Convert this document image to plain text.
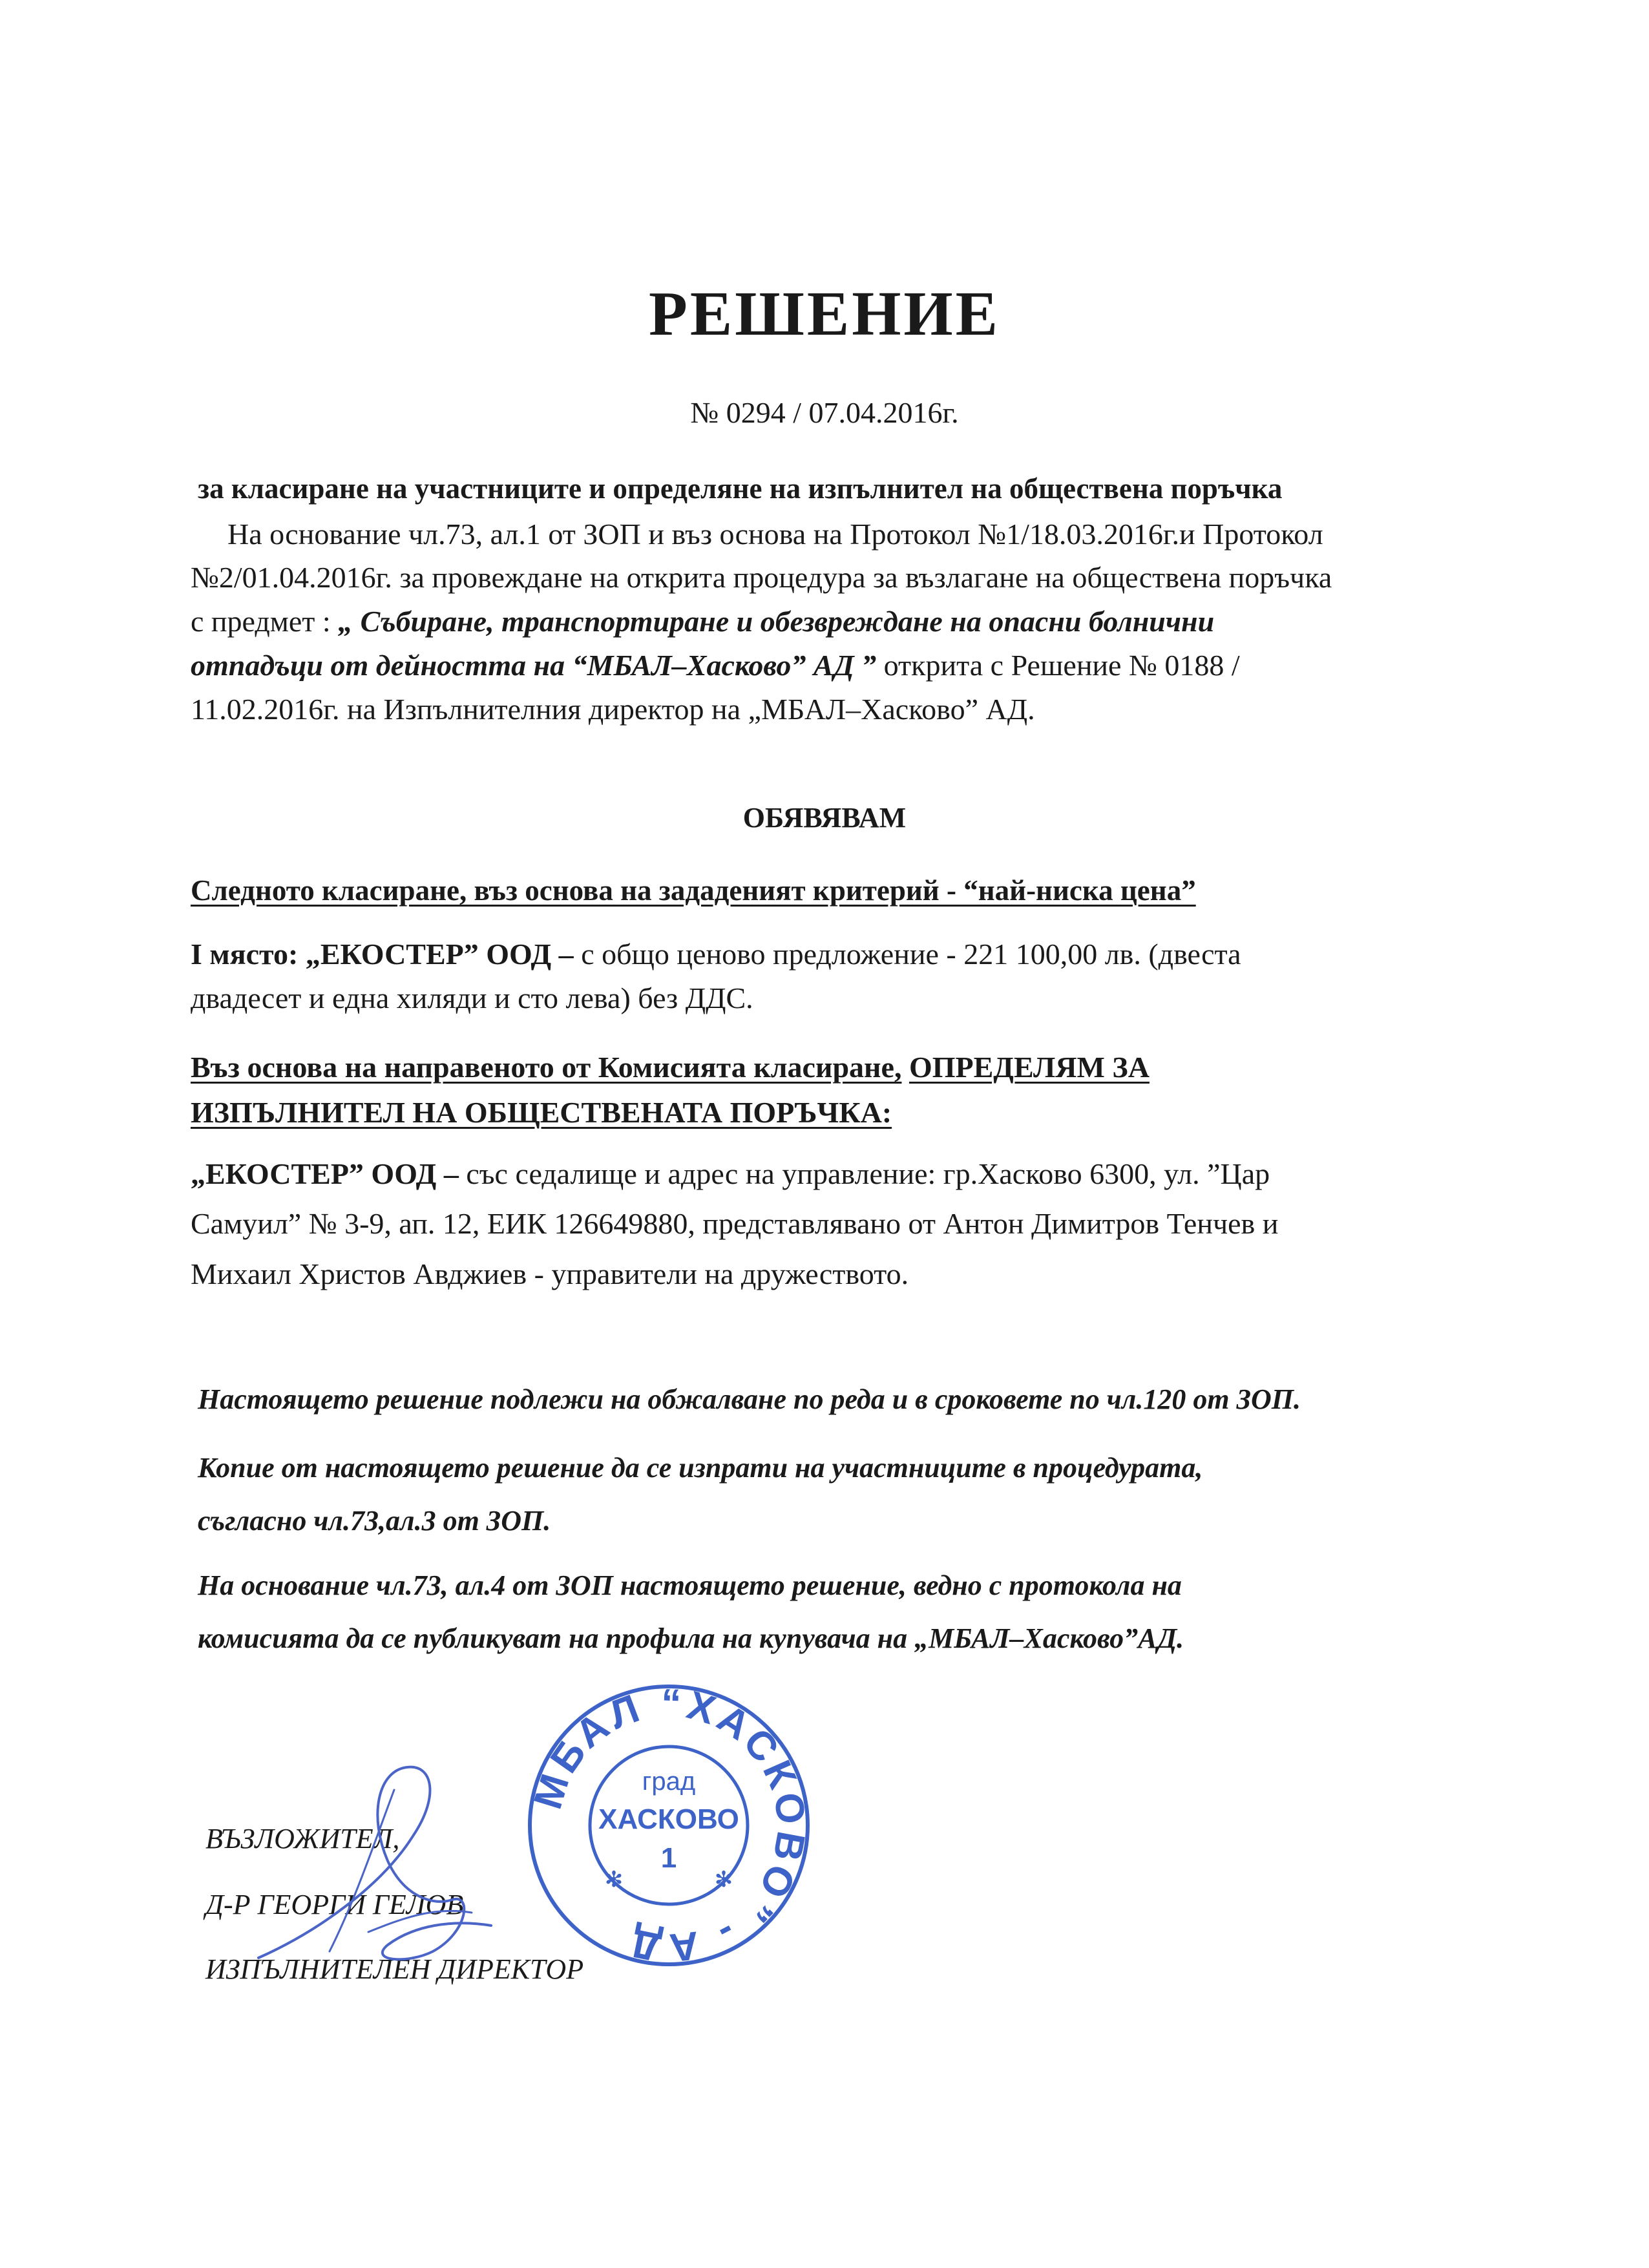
РЕШЕНИЕ
№ 0294 / 07.04.2016г.
за класиране на участниците и определяне на изпълнител на обществена поръчка
На основание чл.73, ал.1 от ЗОП и въз основа на Протокол №1/18.03.2016г.и Протокол
№2/01.04.2016г. за провеждане на открита процедура за възлагане на обществена поръчка
с предмет : „ Събиране, транспортиране и обезвреждане на опасни болнични
отпадъци от дейността на “МБАЛ–Хасково” АД ” открита с Решение № 0188 /
11.02.2016г. на Изпълнителния директор на „МБАЛ–Хасково” АД.
ОБЯВЯВАМ
Следното класиране, въз основа на зададеният критерий - “най-ниска цена”
I място: „ЕКОСТЕР” ООД – с общо ценово предложение - 221 100,00 лв. (двеста
двадесет и една хиляди и сто лева) без ДДС.
Въз основа на направеното от Комисията класиране, ОПРЕДЕЛЯМ ЗА
ИЗПЪЛНИТЕЛ НА ОБЩЕСТВЕНАТА ПОРЪЧКА:
„ЕКОСТЕР” ООД – със седалище и адрес на управление: гр.Хасково 6300, ул. ”Цар
Самуил” № 3-9, ап. 12, ЕИК 126649880, представлявано от Антон Димитров Тенчев и
Михаил Христов Авджиев - управители на дружеството.
Настоящето решение подлежи на обжалване по реда и в сроковете по чл.120 от ЗОП.
Копие от настоящето решение да се изпрати на участниците в процедурата,
съгласно чл.73,ал.3 от ЗОП.
На основание чл.73, ал.4 от ЗОП настоящето решение, ведно с протокола на
комисията да се публикуват на профила на купувача на „МБАЛ–Хасково”АД.
ВЪЗЛОЖИТЕЛ,
Д-Р ГЕОРГИ ГЕЛОВ
ИЗПЪЛНИТЕЛЕН ДИРЕКТОР
МБАЛ “ХАСКОВО” - АД
град
ХАСКОВО
1
✻	✻
